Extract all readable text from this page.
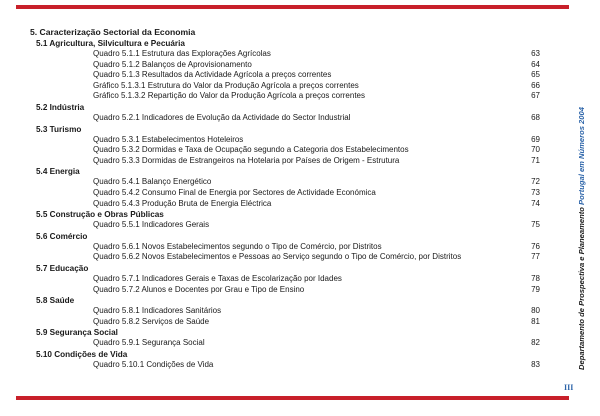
5. Caracterização Sectorial da Economia
5.1 Agricultura, Silvicultura e Pecuária
Quadro 5.1.1 Estrutura das Explorações Agrícolas	63
Quadro 5.1.2 Balanços de Aprovisionamento	64
Quadro 5.1.3 Resultados da Actividade Agrícola a preços correntes	65
Gráfico 5.1.3.1 Estrutura do Valor da Produção Agrícola a preços correntes	66
Gráfico 5.1.3.2 Repartição do Valor da Produção Agrícola a preços correntes	67
5.2 Indústria
Quadro 5.2.1 Indicadores de Evolução da Actividade do Sector Industrial	68
5.3 Turismo
Quadro 5.3.1 Estabelecimentos Hoteleiros	69
Quadro 5.3.2 Dormidas e Taxa de Ocupação segundo a Categoria dos Estabelecimentos	70
Quadro 5.3.3 Dormidas de Estrangeiros na Hotelaria por Países de Origem - Estrutura	71
5.4 Energia
Quadro 5.4.1 Balanço Energético	72
Quadro 5.4.2 Consumo Final de Energia por Sectores de Actividade Económica	73
Quadro 5.4.3 Produção Bruta de Energia Eléctrica	74
5.5 Construção e Obras Públicas
Quadro 5.5.1 Indicadores Gerais	75
5.6 Comércio
Quadro 5.6.1 Novos Estabelecimentos segundo o Tipo de Comércio, por Distritos	76
Quadro 5.6.2 Novos Estabelecimentos e Pessoas ao Serviço segundo o Tipo de Comércio, por Distritos	77
5.7 Educação
Quadro 5.7.1 Indicadores Gerais e Taxas de Escolarização por Idades	78
Quadro 5.7.2 Alunos e Docentes por Grau e Tipo de Ensino	79
5.8 Saúde
Quadro 5.8.1 Indicadores Sanitários	80
Quadro 5.8.2 Serviços de Saúde	81
5.9 Segurança Social
Quadro 5.9.1 Segurança Social	82
5.10 Condições de Vida
Quadro 5.10.1 Condições de Vida	83	Departamento de Prospectiva e Planeamento Portugal em Números 2004
III
